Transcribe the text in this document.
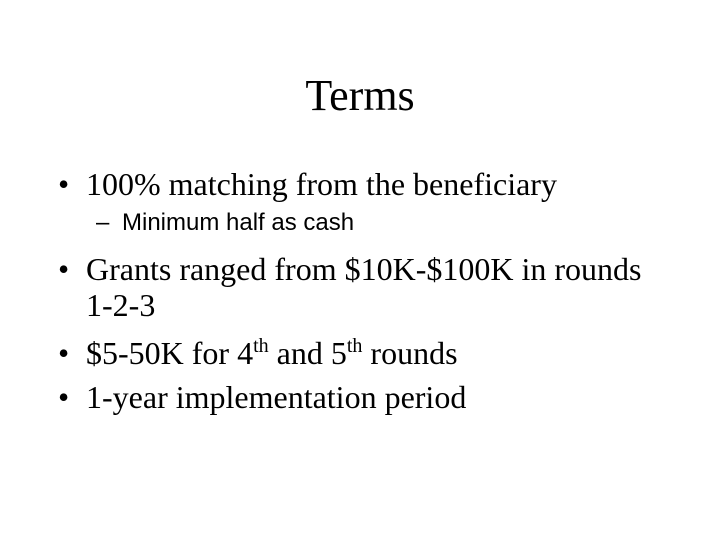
Terms
• 100% matching from the beneficiary
– Minimum half as cash
• Grants ranged from $10K-$100K in rounds
1-2-3
• $5-50K for 4th and 5th rounds
• 1-year implementation period
